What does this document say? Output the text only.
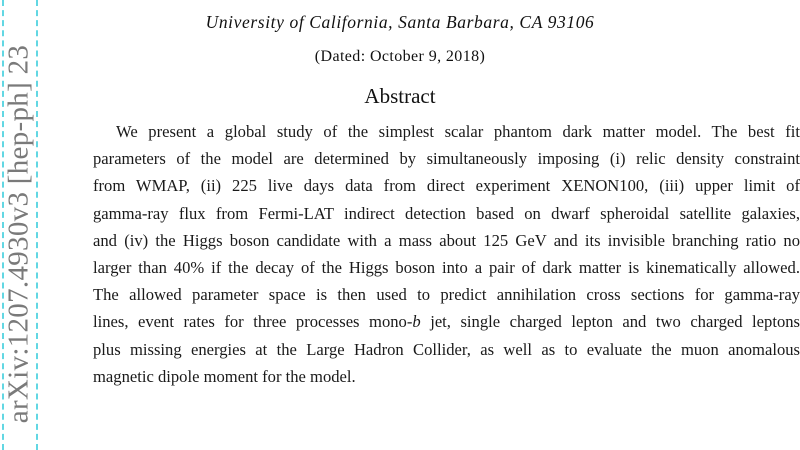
arXiv:1207.4930v3 [hep-ph] 23
University of California, Santa Barbara, CA 93106
(Dated: October 9, 2018)
Abstract
We present a global study of the simplest scalar phantom dark matter model. The best fit
parameters of the model are determined by simultaneously imposing (i) relic density constraint
from WMAP, (ii) 225 live days data from direct experiment XENON100, (iii) upper limit of
gamma-ray flux from Fermi-LAT indirect detection based on dwarf spheroidal satellite galaxies,
and (iv) the Higgs boson candidate with a mass about 125 GeV and its invisible branching ratio no
larger than 40% if the decay of the Higgs boson into a pair of dark matter is kinematically allowed.
The allowed parameter space is then used to predict annihilation cross sections for gamma-ray
lines, event rates for three processes mono-b jet, single charged lepton and two charged leptons
plus missing energies at the Large Hadron Collider, as well as to evaluate the muon anomalous
magnetic dipole moment for the model.
